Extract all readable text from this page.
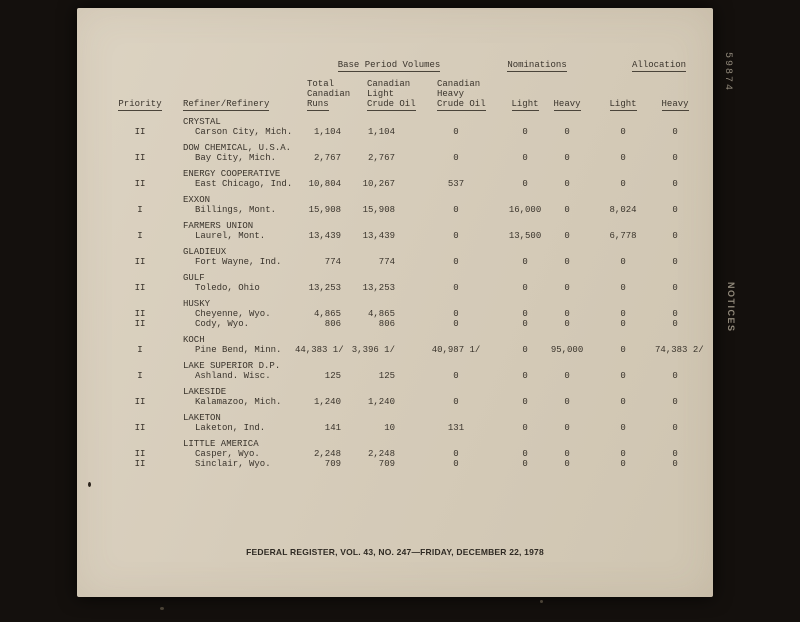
59874
NOTICES
		Base Period Volumes			Nominations		Allocation	

Priority	Refiner/Refinery

Total
Canadian
Runs

Canadian
Light
Crude Oil

Canadian
Heavy
Crude Oil	Light	Heavy	Light	Heavy

	CRYSTAL							
II	Carson City, Mich.	1,104	1,104	0	0	0	0	0
	DOW CHEMICAL, U.S.A.							
II	Bay City, Mich.	2,767	2,767	0	0	0	0	0
	ENERGY COOPERATIVE							
II	East Chicago, Ind.	10,804	10,267	537	0	0	0	0
	EXXON							
I	Billings, Mont.	15,908	15,908	0	16,000	0	8,024	0
	FARMERS UNION							
I	Laurel, Mont.	13,439	13,439	0	13,500	0	6,778	0
	GLADIEUX							
II	Fort Wayne, Ind.	774	774	0	0	0	0	0
	GULF							
II	Toledo, Ohio	13,253	13,253	0	0	0	0	0
	HUSKY							
II	Cheyenne, Wyo.	4,865	4,865	0	0	0	0	0
II	Cody, Wyo.	806	806	0	0	0	0	0
	KOCH							
I	Pine Bend, Minn.	44,383 1/	3,396 1/	40,987 1/	0	95,000	0	74,383 2/
	LAKE SUPERIOR D.P.							
I	Ashland. Wisc.	125	125	0	0	0	0	0
	LAKESIDE							
II	Kalamazoo, Mich.	1,240	1,240	0	0	0	0	0
	LAKETON							
II	Laketon, Ind.	141	10	131	0	0	0	0
	LITTLE AMERICA							
II	Casper, Wyo.	2,248	2,248	0	0	0	0	0
II	Sinclair, Wyo.	709	709	0	0	0	0	0
FEDERAL REGISTER, VOL. 43, NO. 247—FRIDAY, DECEMBER 22, 1978
